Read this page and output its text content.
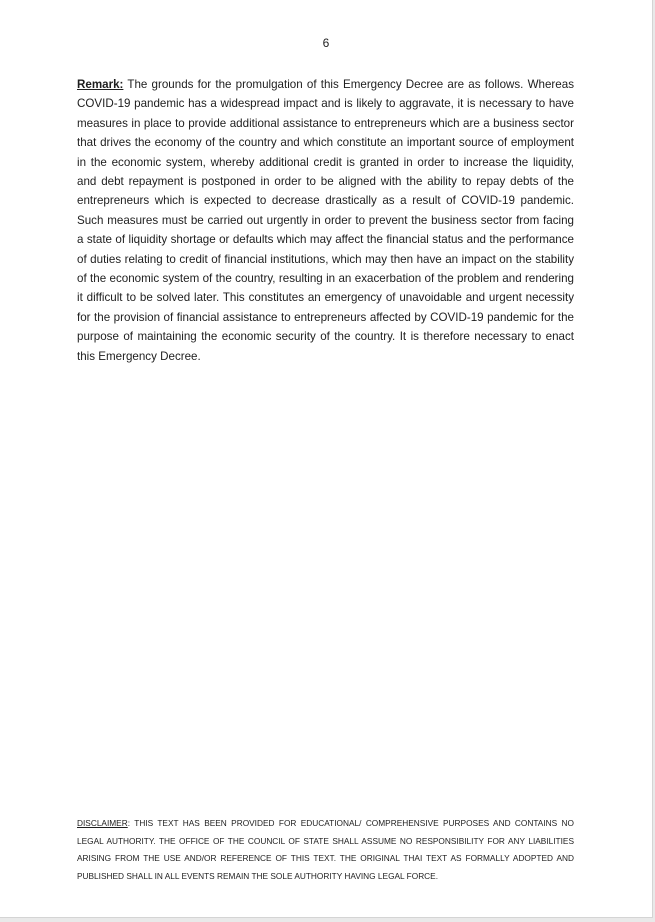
6

Remark: The grounds for the promulgation of this Emergency Decree are as follows. Whereas COVID-19 pandemic has a widespread impact and is likely to aggravate, it is necessary to have measures in place to provide additional assistance to entrepreneurs which are a business sector that drives the economy of the country and which constitute an important source of employment in the economic system, whereby additional credit is granted in order to increase the liquidity, and debt repayment is postponed in order to be aligned with the ability to repay debts of the entrepreneurs which is expected to decrease drastically as a result of COVID-19 pandemic. Such measures must be carried out urgently in order to prevent the business sector from facing a state of liquidity shortage or defaults which may affect the financial status and the performance of duties relating to credit of financial institutions, which may then have an impact on the stability of the economic system of the country, resulting in an exacerbation of the problem and rendering it difficult to be solved later. This constitutes an emergency of unavoidable and urgent necessity for the provision of financial assistance to entrepreneurs affected by COVID-19 pandemic for the purpose of maintaining the economic security of the country. It is therefore necessary to enact this Emergency Decree.

DISCLAIMER: THIS TEXT HAS BEEN PROVIDED FOR EDUCATIONAL/ COMPREHENSIVE PURPOSES AND CONTAINS NO LEGAL AUTHORITY. THE OFFICE OF THE COUNCIL OF STATE SHALL ASSUME NO RESPONSIBILITY FOR ANY LIABILITIES ARISING FROM THE USE AND/OR REFERENCE OF THIS TEXT. THE ORIGINAL THAI TEXT AS FORMALLY ADOPTED AND PUBLISHED SHALL IN ALL EVENTS REMAIN THE SOLE AUTHORITY HAVING LEGAL FORCE.
